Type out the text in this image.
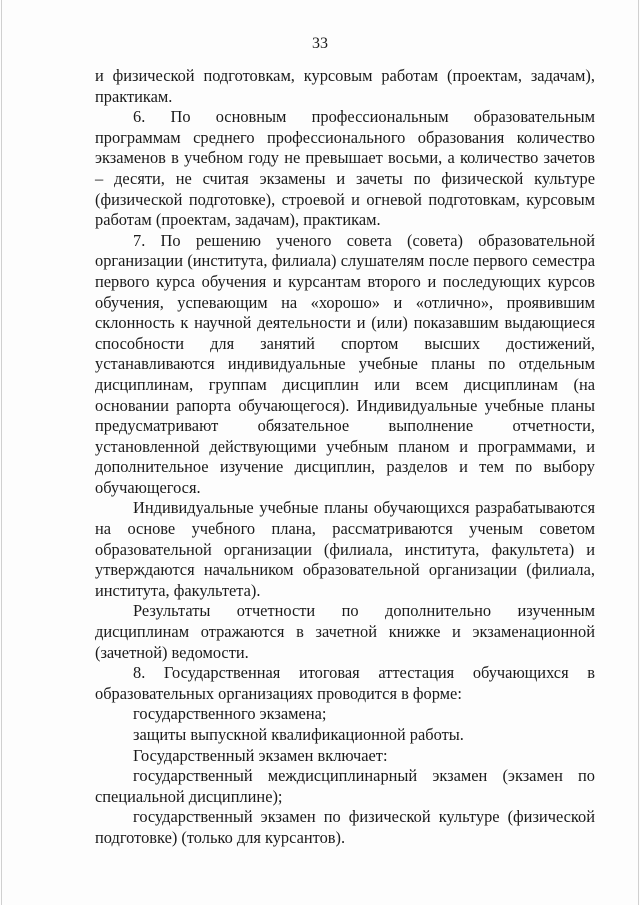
33

и физической подготовкам, курсовым работам (проектам, задачам), практикам.

6. По основным профессиональным образовательным программам среднего профессионального образования количество экзаменов в учебном году не превышает восьми, а количество зачетов – десяти, не считая экзамены и зачеты по физической культуре (физической подготовке), строевой и огневой подготовкам, курсовым работам (проектам, задачам), практикам.

7. По решению ученого совета (совета) образовательной организации (института, филиала) слушателям после первого семестра первого курса обучения и курсантам второго и последующих курсов обучения, успевающим на «хорошо» и «отлично», проявившим склонность к научной деятельности и (или) показавшим выдающиеся способности для занятий спортом высших достижений, устанавливаются индивидуальные учебные планы по отдельным дисциплинам, группам дисциплин или всем дисциплинам (на основании рапорта обучающегося). Индивидуальные учебные планы предусматривают обязательное выполнение отчетности, установленной действующими учебным планом и программами, и дополнительное изучение дисциплин, разделов и тем по выбору обучающегося.

Индивидуальные учебные планы обучающихся разрабатываются на основе учебного плана, рассматриваются ученым советом образовательной организации (филиала, института, факультета) и утверждаются начальником образовательной организации (филиала, института, факультета).

Результаты отчетности по дополнительно изученным дисциплинам отражаются в зачетной книжке и экзаменационной (зачетной) ведомости.

8. Государственная итоговая аттестация обучающихся в образовательных организациях проводится в форме:

государственного экзамена;

защиты выпускной квалификационной работы.

Государственный экзамен включает:

государственный междисциплинарный экзамен (экзамен по специальной дисциплине);

государственный экзамен по физической культуре (физической подготовке) (только для курсантов).
